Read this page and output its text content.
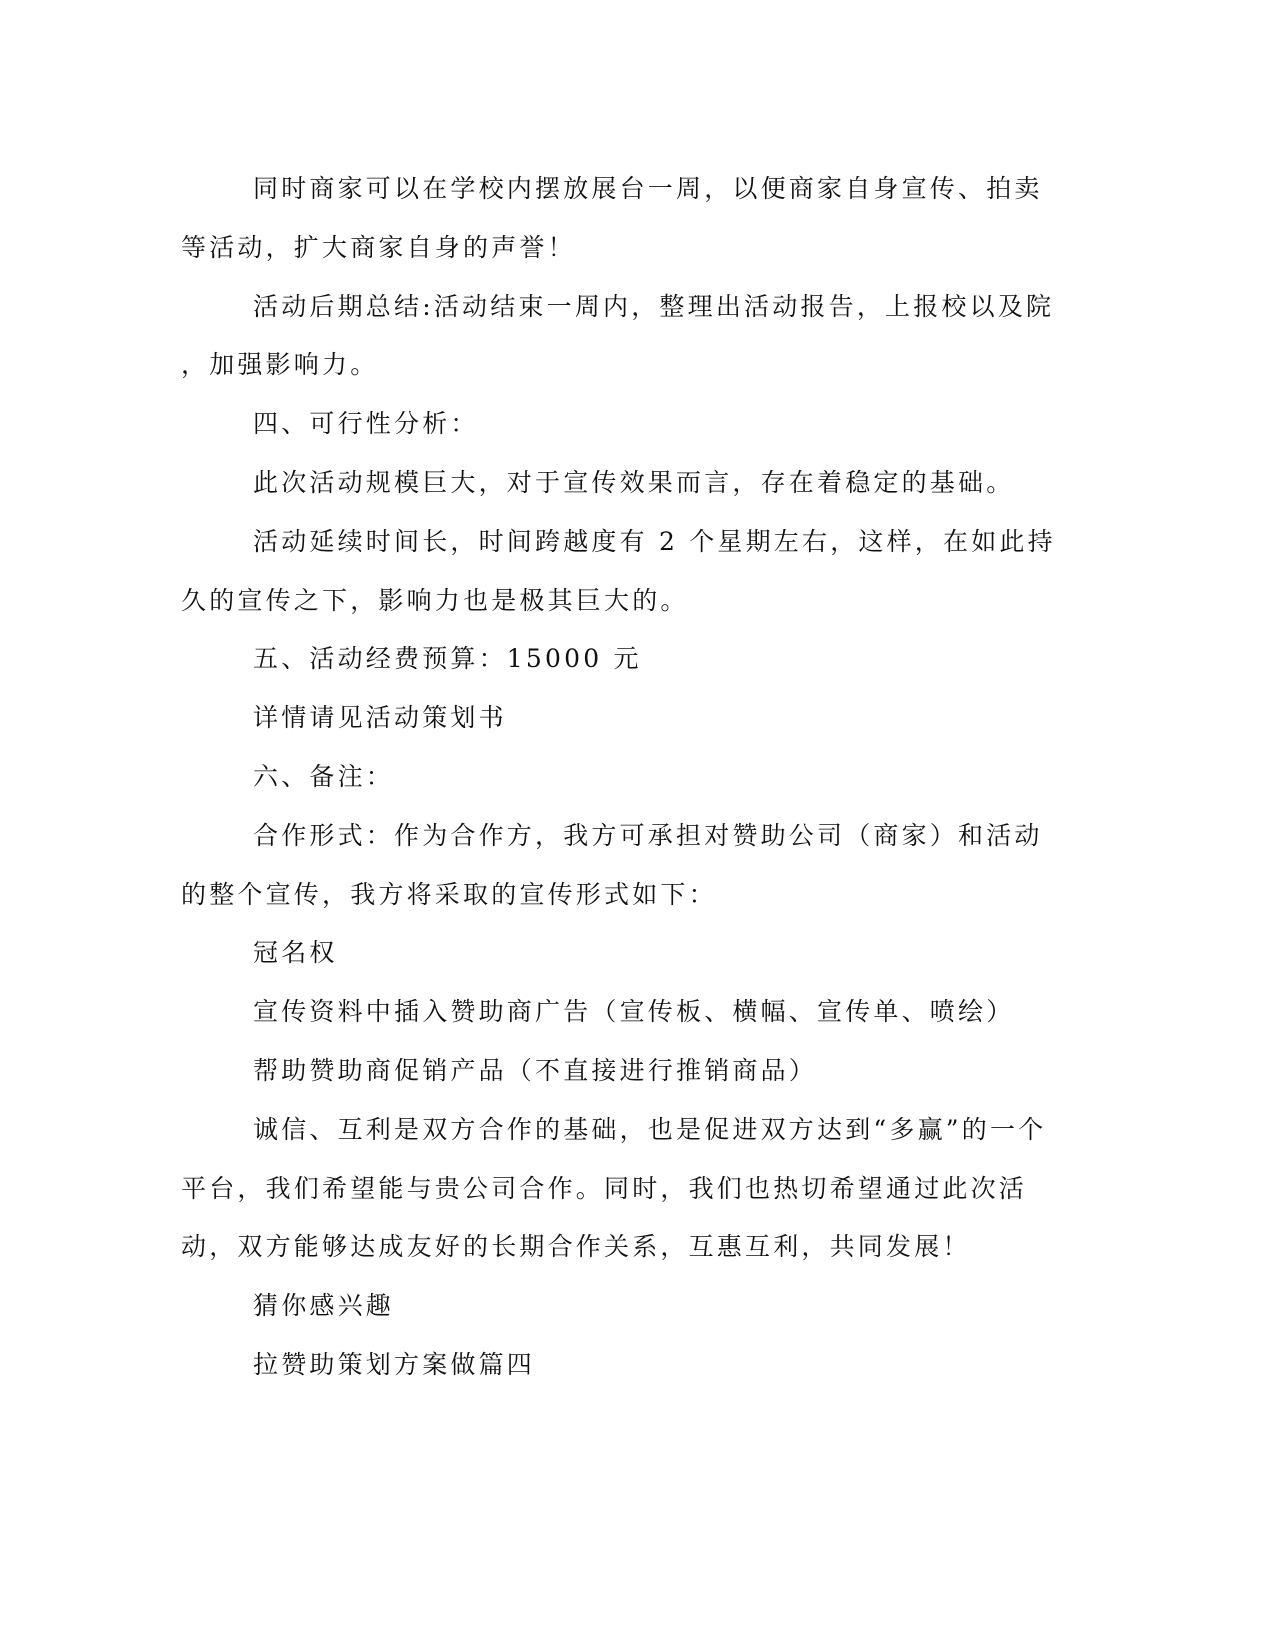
同时商家可以在学校内摆放展台一周，以便商家自身宣传、拍卖
等活动，扩大商家自身的声誉！
活动后期总结:活动结束一周内，整理出活动报告，上报校以及院
，加强影响力。
四、可行性分析：
此次活动规模巨大，对于宣传效果而言，存在着稳定的基础。
活动延续时间长，时间跨越度有 2 个星期左右，这样，在如此持
久的宣传之下，影响力也是极其巨大的。
五、活动经费预算：15000 元
详情请见活动策划书
六、备注：
合作形式：作为合作方，我方可承担对赞助公司（商家）和活动
的整个宣传，我方将采取的宣传形式如下：
冠名权
宣传资料中插入赞助商广告（宣传板、横幅、宣传单、喷绘）
帮助赞助商促销产品（不直接进行推销商品）
诚信、互利是双方合作的基础，也是促进双方达到“多赢”的一个
平台，我们希望能与贵公司合作。同时，我们也热切希望通过此次活
动，双方能够达成友好的长期合作关系，互惠互利，共同发展！
猜你感兴趣
拉赞助策划方案做篇四
